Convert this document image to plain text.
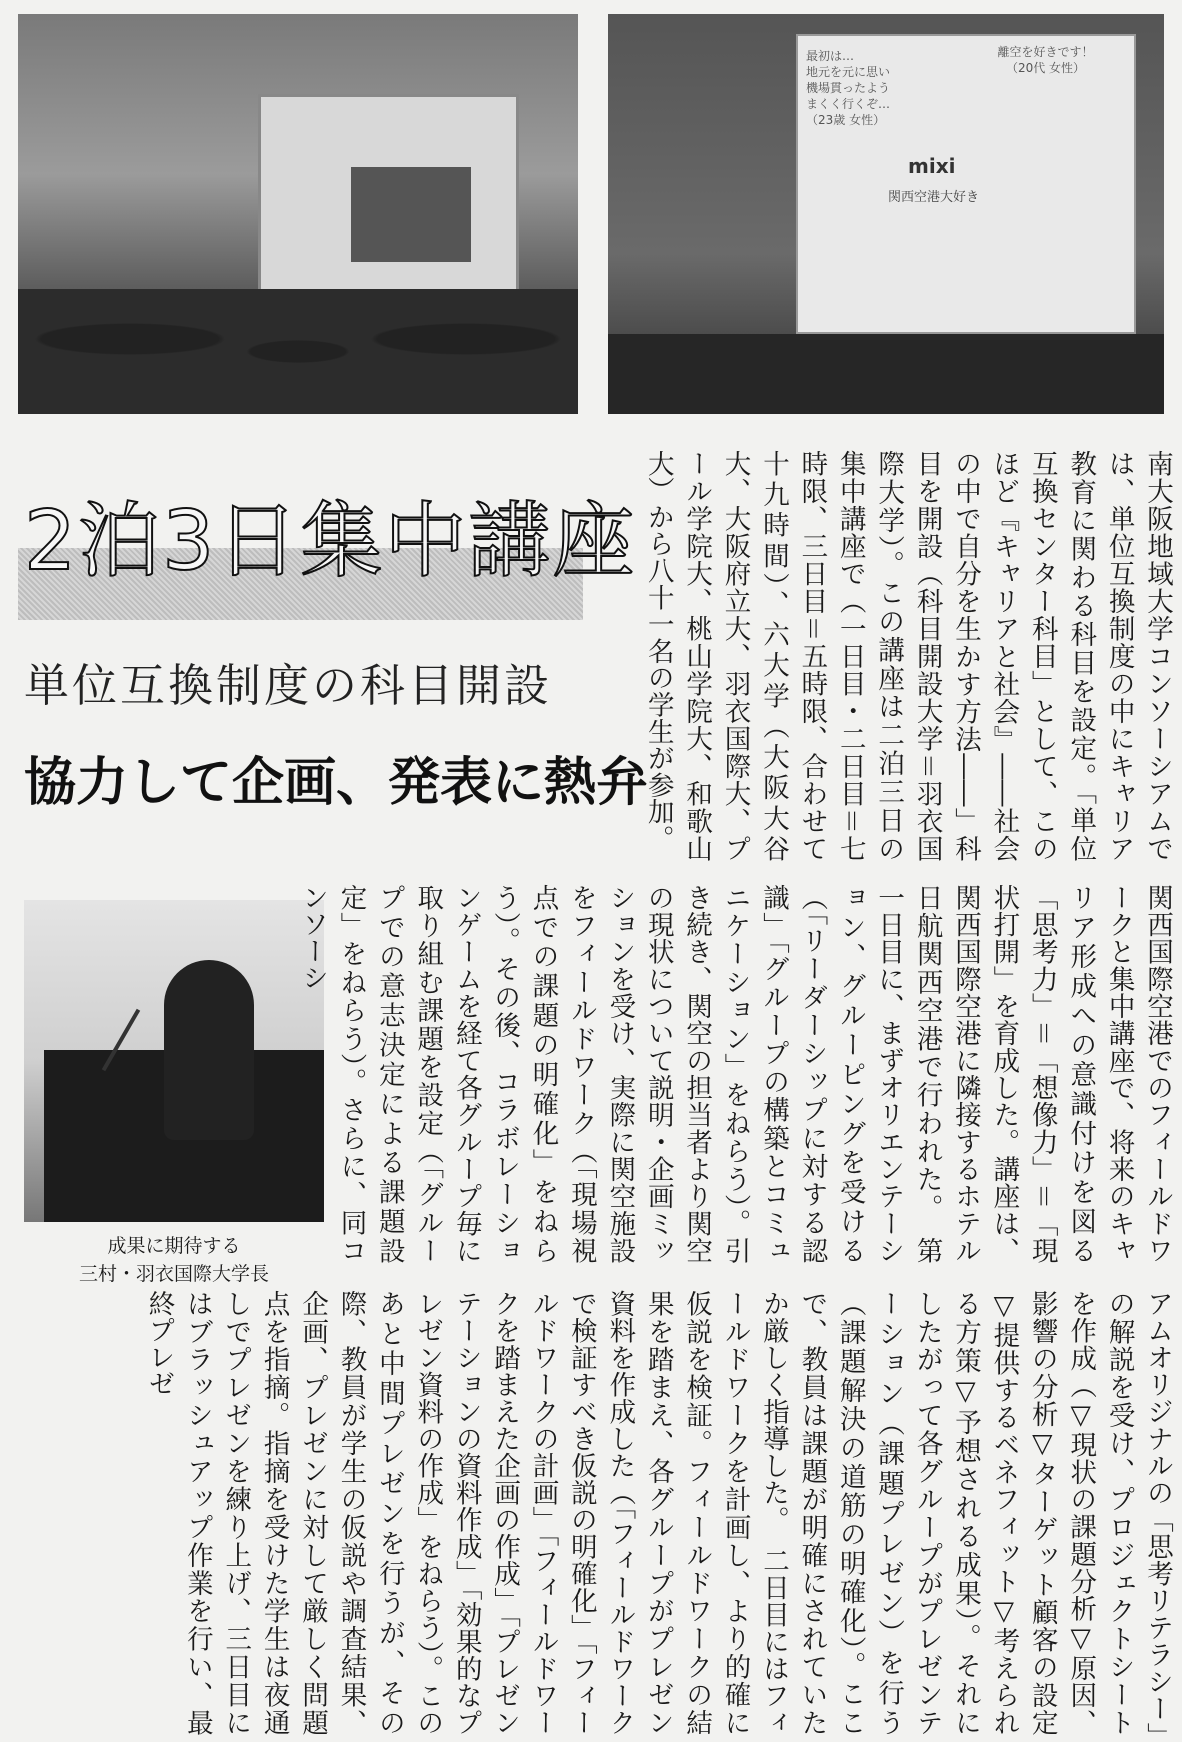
最初は…
地元を元に思い
機場貫ったよう
まくく行くぞ…
（23歳 女性）
離空を好きです！
（20代 女性）
mixi
関西空港大好き
2泊3日集中講座
単位互換制度の科目開設
協力して企画、発表に熱弁
成果に期待する
三村・羽衣国際大学長

南大阪地域大学コンソーシアムでは、単位互換制度の中にキャリア教育に関わる科目を設定。「単位互換センター科目」として、このほど『キャリアと社会』――社会の中で自分を生かす方法――」科目を開設（科目開設大学＝羽衣国際大学）。この講座は二泊三日の集中講座で（一日目・二日目＝七時限、三日目＝五時限、合わせて十九時間）、六大学（大阪大谷大、大阪府立大、羽衣国際大、プール学院大、桃山学院大、和歌山大）から八十一名の学生が参加。

関西国際空港でのフィールドワークと集中講座で、将来のキャリア形成への意識付けを図る「思考力」＝「想像力」＝「現状打開」を育成した。講座は、関西国際空港に隣接するホテル日航関西空港で行われた。　第一日目に、まずオリエンテーション、グルーピングを受ける（「リーダーシップに対する認識」「グループの構築とコミュニケーション」をねらう）。引き続き、関空の担当者より関空の現状について説明・企画ミッションを受け、実際に関空施設をフィールドワーク（「現場視点での課題の明確化」をねらう）。その後、コラボレーションゲームを経て各グループ毎に取り組む課題を設定（「グループでの意志決定による課題設定」をねらう）。さらに、同コンソーシ

アムオリジナルの「思考リテラシー」の解説を受け、プロジェクトシートを作成（▽現状の課題分析▽原因、影響の分析▽ターゲット顧客の設定▽提供するベネフィット▽考えられる方策▽予想される成果）。それにしたがって各グループがプレゼンテーション（課題プレゼン）を行う（課題解決の道筋の明確化）。ここで、教員は課題が明確にされていたか厳しく指導した。　二日目にはフィールドワークを計画し、より的確に仮説を検証。フィールドワークの結果を踏まえ、各グループがプレゼン資料を作成した（「フィールドワークで検証すべき仮説の明確化」「フィールドワークの計画」「フィールドワークを踏まえた企画の作成」「プレゼンテーションの資料作成」「効果的なプレゼン資料の作成」をねらう）。このあと中間プレゼンを行うが、その際、教員が学生の仮説や調査結果、企画、プレゼンに対して厳しく問題点を指摘。指摘を受けた学生は夜通しでプレゼンを練り上げ、三日目にはブラッシュアップ作業を行い、最終プレゼ
